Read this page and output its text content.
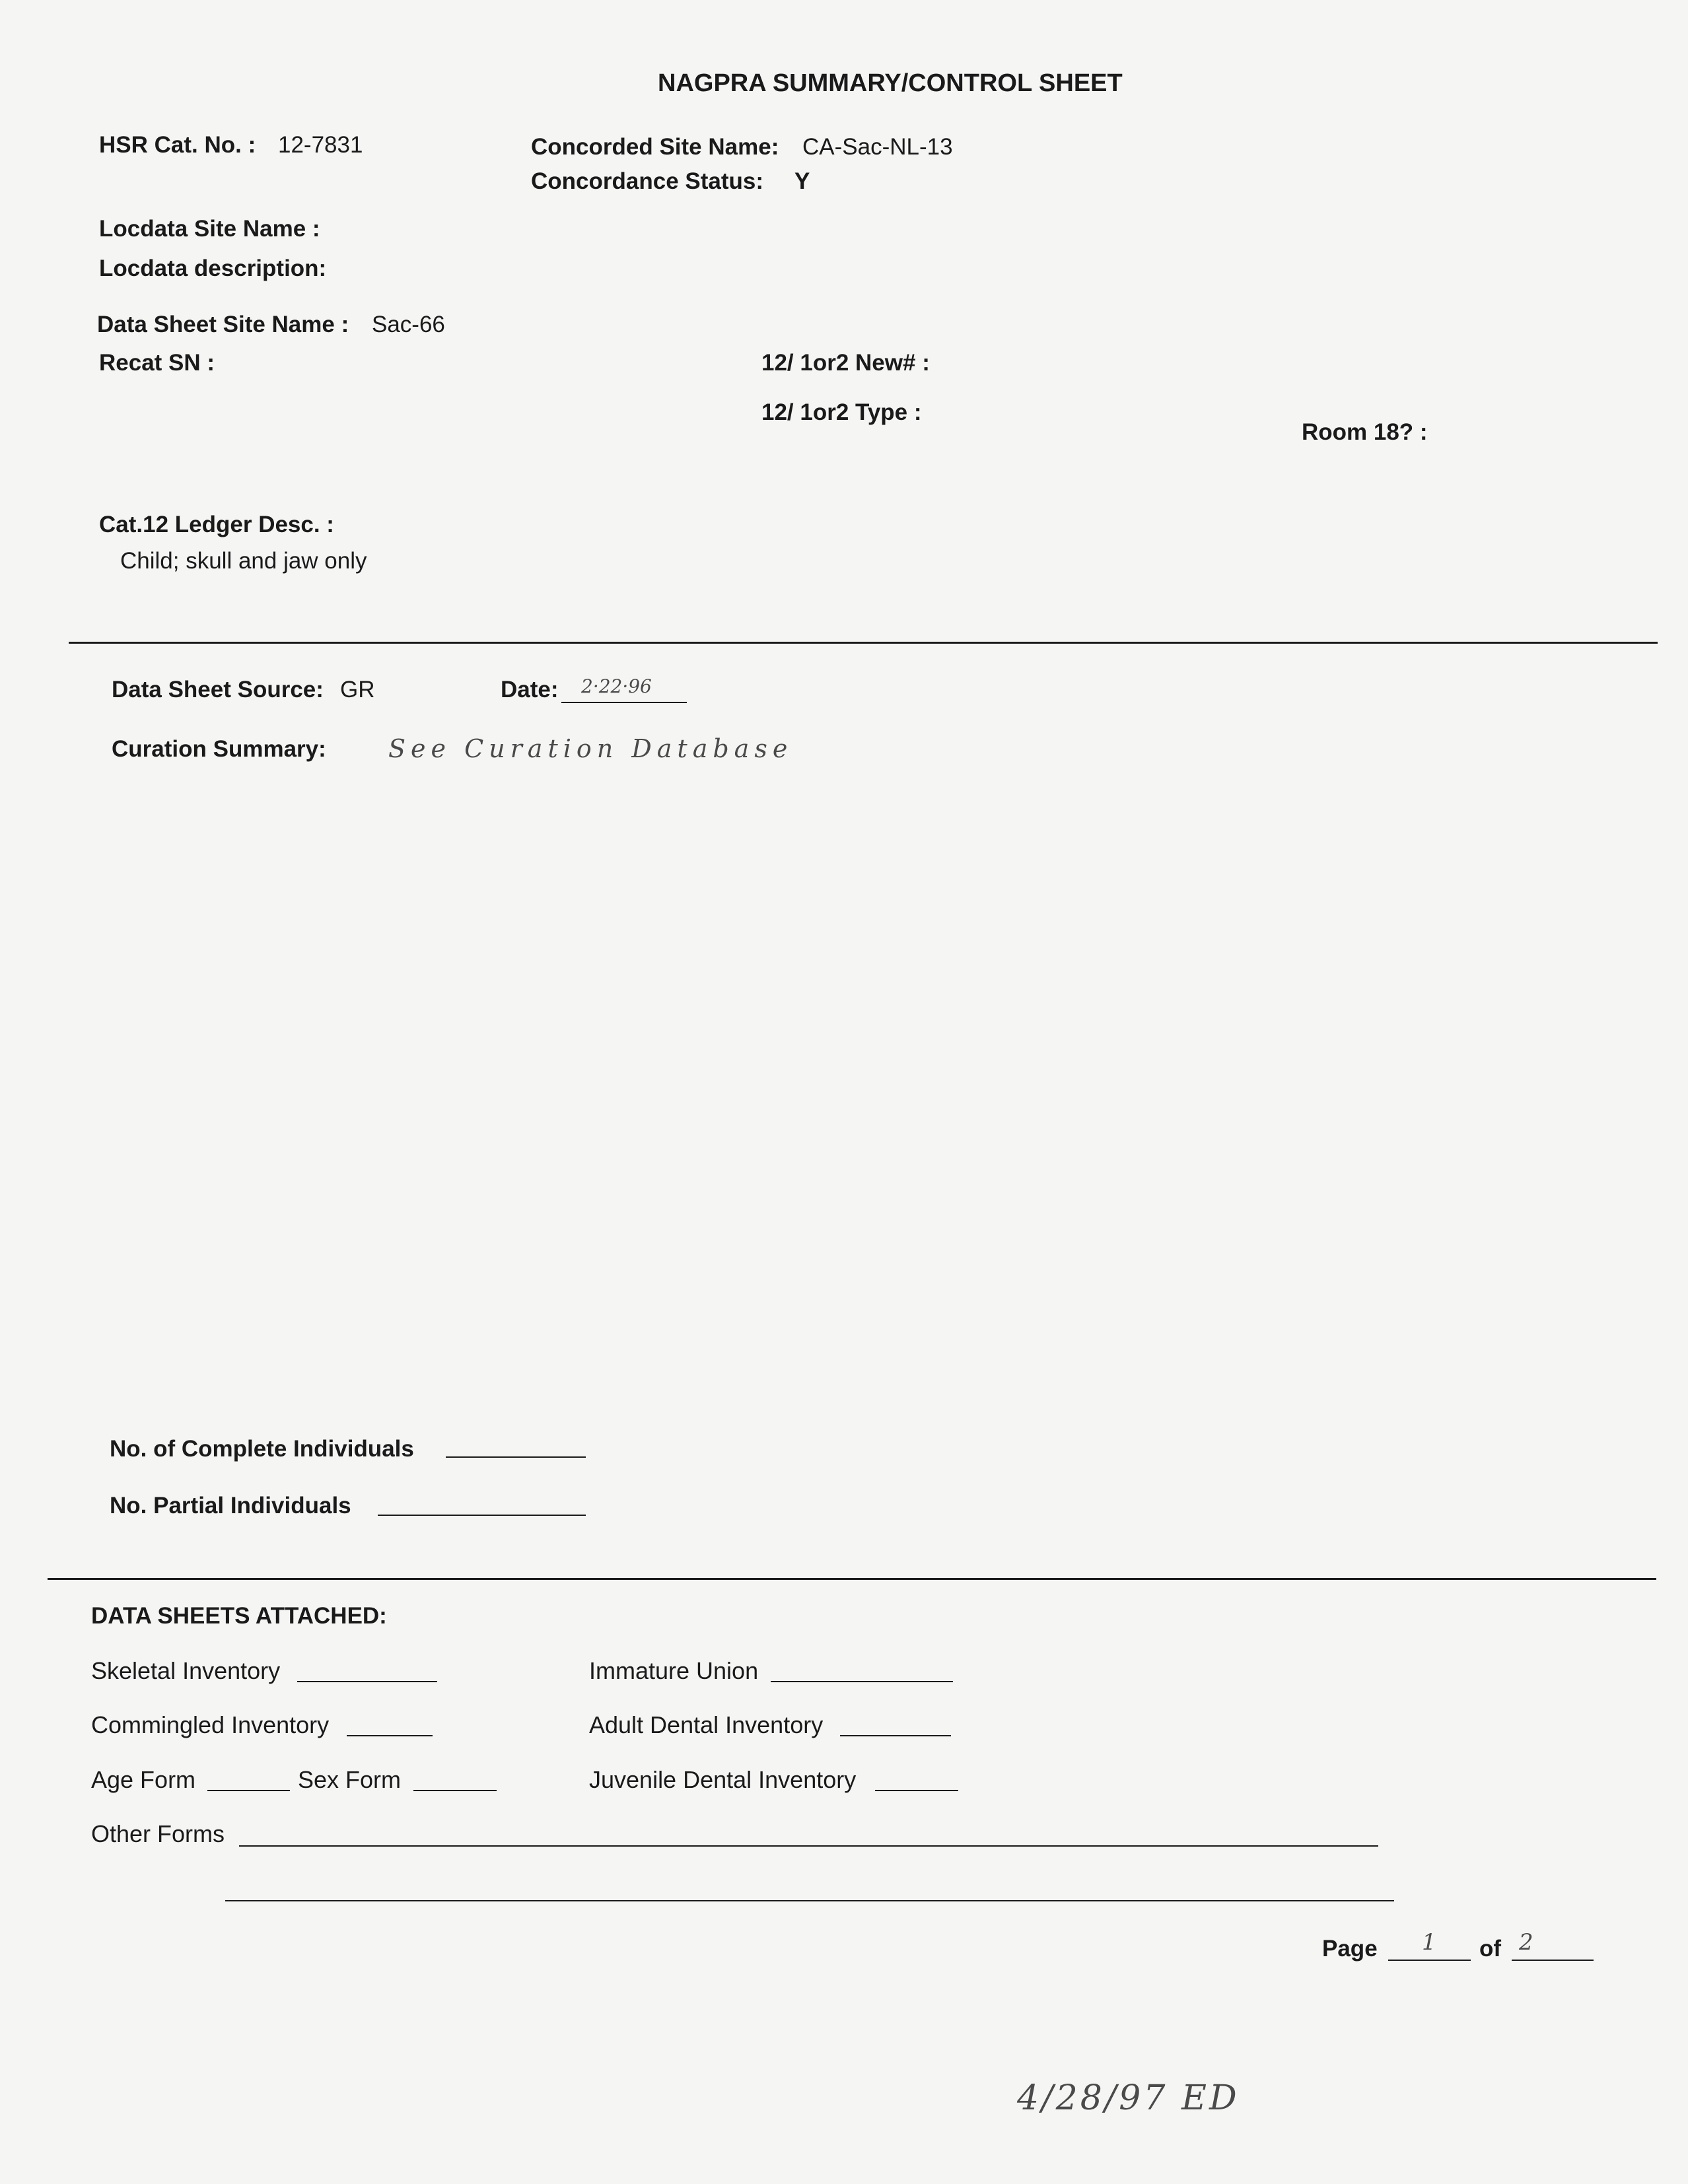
NAGPRA SUMMARY/CONTROL SHEET
HSR Cat. No. : 12-7831	Concorded Site Name: CA-Sac-NL-13
Concordance Status: Y
Locdata Site Name :
Locdata description:
Data Sheet Site Name : Sac-66
Recat SN :	12/ 1or2 New# :
12/ 1or2 Type :
Room 18? :
Cat.12 Ledger Desc. :
Child; skull and jaw only
Data Sheet Source: GR	Date: 2·22·96
Curation Summary: See Curation Database
No. of Complete Individuals
No. Partial Individuals
DATA SHEETS ATTACHED:
Skeletal Inventory	Immature Union
Commingled Inventory	Adult Dental Inventory
Age Form	Sex Form	Juvenile Dental Inventory
Other Forms
Page 1 of 2
4/28/97 ED
